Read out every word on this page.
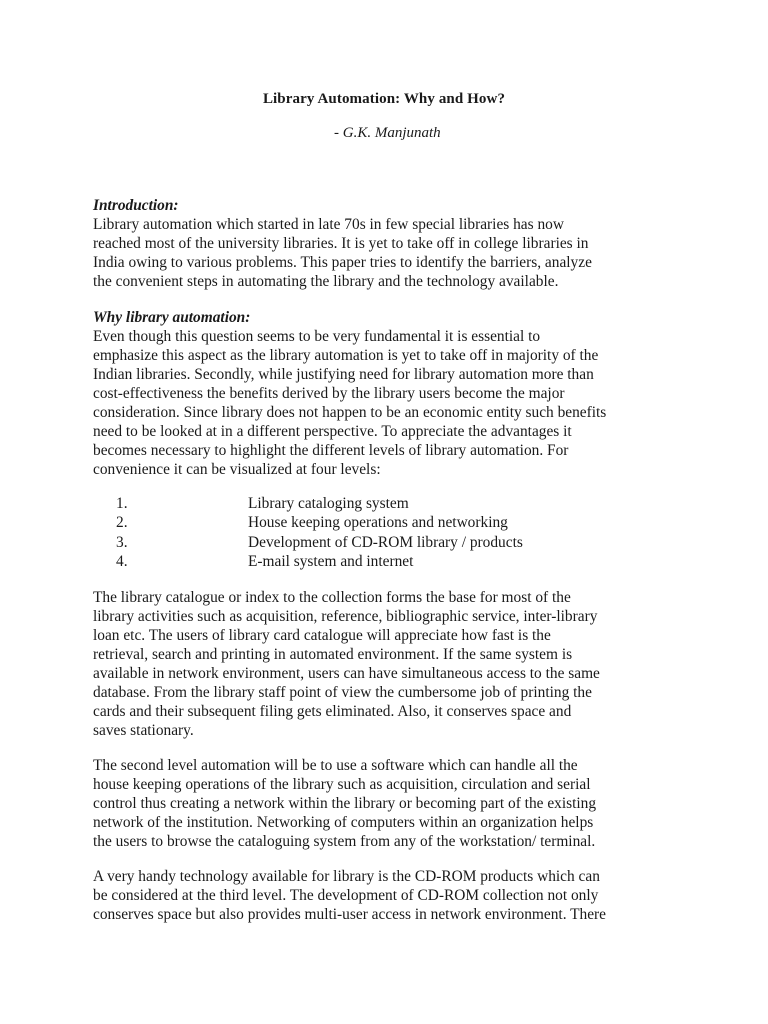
Library Automation: Why and How?
- G.K. Manjunath
Introduction:
Library automation which started in late 70s in few special libraries has now
reached most of the university libraries. It is yet to take off in college libraries in
India owing to various problems. This paper tries to identify the barriers, analyze
the convenient steps in automating the library and the technology available.
Why library automation:
Even though this question seems to be very fundamental it is essential to
emphasize this aspect as the library automation is yet to take off in majority of the
Indian libraries. Secondly, while justifying need for library automation more than
cost-effectiveness the benefits derived by the library users become the major
consideration. Since library does not happen to be an economic entity such benefits
need to be looked at in a different perspective. To appreciate the advantages it
becomes necessary to highlight the different levels of library automation. For
convenience it can be visualized at four levels:
1.	Library cataloging system
2.	House keeping operations and networking
3.	Development of CD-ROM library / products
4.	E-mail system and internet
The library catalogue or index to the collection forms the base for most of the
library activities such as acquisition, reference, bibliographic service, inter-library
loan etc. The users of library card catalogue will appreciate how fast is the
retrieval, search and printing in automated environment. If the same system is
available in network environment, users can have simultaneous access to the same
database. From the library staff point of view the cumbersome job of printing the
cards and their subsequent filing gets eliminated. Also, it conserves space and
saves stationary.
The second level automation will be to use a software which can handle all the
house keeping operations of the library such as acquisition, circulation and serial
control thus creating a network within the library or becoming part of the existing
network of the institution. Networking of computers within an organization helps
the users to browse the cataloguing system from any of the workstation/ terminal.
A very handy technology available for library is the CD-ROM products which can
be considered at the third level. The development of CD-ROM collection not only
conserves space but also provides multi-user access in network environment. There
